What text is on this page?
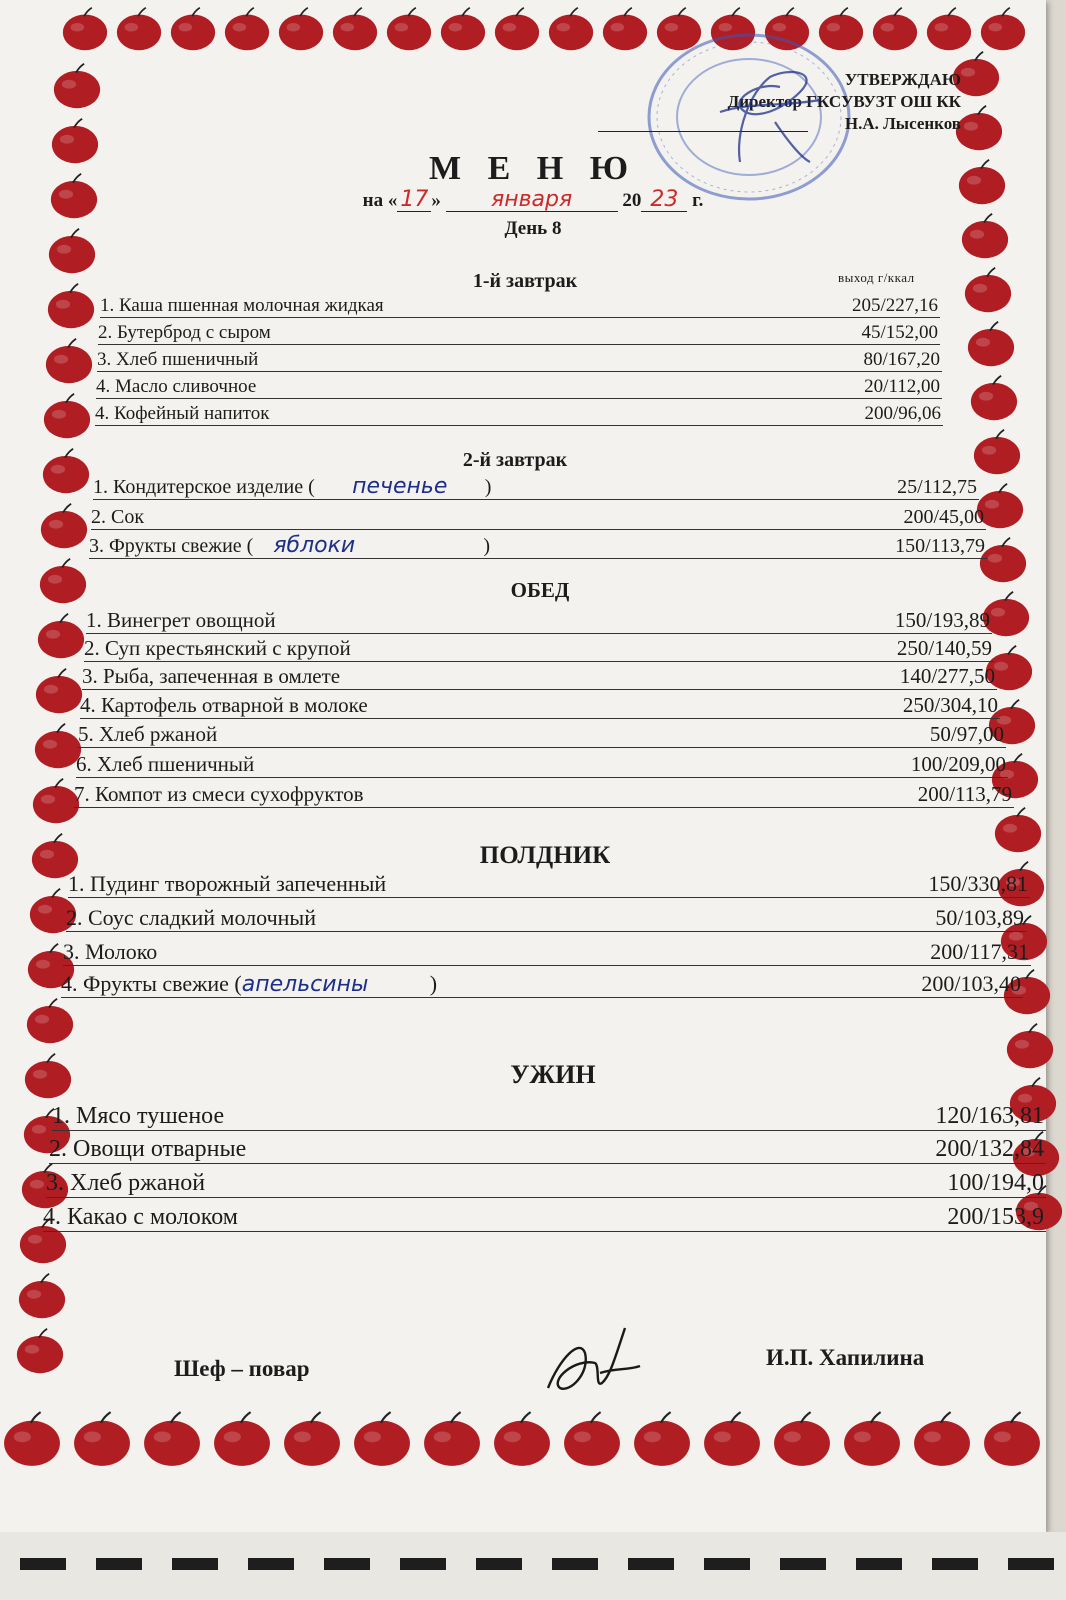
УТВЕРЖДАЮ
Директор ГКСУВУЗТ ОШ КК
Н.А. Лысенков
М Е Н Ю
на « 17 » января	20 23 г.
День 8
выход г/ккал
1-й завтрак
2-й завтрак
ОБЕД
ПОЛДНИК
УЖИН
1. Каша пшенная молочная жидкая	205/227,16
2. Бутерброд с сыром	45/152,00
3. Хлеб пшеничный	80/167,20
4. Масло сливочное	20/112,00
4. Кофейный напиток	200/96,06
1. Кондитерское изделие ( печенье )	25/112,75
2. Сок	200/45,00
3. Фрукты свежие ( яблоки	)	150/113,79
1. Винегрет овощной	150/193,89
2. Суп крестьянский с крупой	250/140,59
3. Рыба, запеченная в омлете	140/277,50
4. Картофель отварной в молоке	250/304,10
5. Хлеб ржаной	50/97,00
6. Хлеб пшеничный	100/209,00
7. Компот из смеси сухофруктов	200/113,79
1. Пудинг творожный запеченный	150/330,81
2. Соус сладкий молочный	50/103,89
3. Молоко	200/117,31
4. Фрукты свежие (апельсины	)	200/103,40
1. Мясо тушеное	120/163,81
2. Овощи отварные	200/132,84
3. Хлеб ржаной	100/194,0
4. Какао с молоком	200/153,9
Шеф – повар	И.П. Хапилина
